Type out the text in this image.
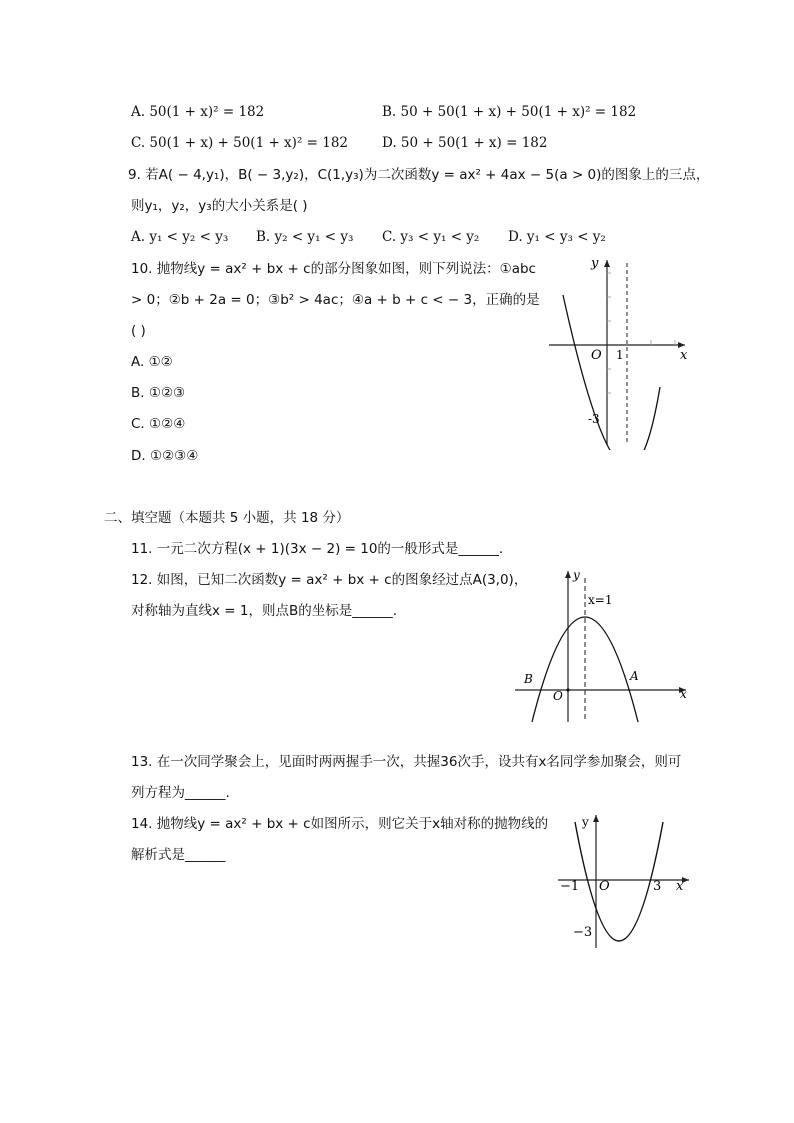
A. 50(1 + x)² = 182	B. 50 + 50(1 + x) + 50(1 + x)² = 182
C. 50(1 + x) + 50(1 + x)² = 182	D. 50 + 50(1 + x) = 182
9. 若A( − 4,y₁)，B( − 3,y₂)，C(1,y₃)为二次函数y = ax² + 4ax − 5(a > 0)的图象上的三点，
则y₁，y₂，y₃的大小关系是( )
A. y₁ < y₂ < y₃ B. y₂ < y₁ < y₃ C. y₃ < y₁ < y₂ D. y₁ < y₃ < y₂
10. 抛物线y = ax² + bx + c的部分图象如图，则下列说法：①abc
> 0；②b + 2a = 0；③b² > 4ac；④a + b + c < − 3，正确的是
( )
A. ①②
B. ①②③
C. ①②④
D. ①②③④
y
x
O 1
-3
二、填空题（本题共 5 小题，共 18 分）
11. 一元二次方程(x + 1)(3x − 2) = 10的一般形式是______.
12. 如图，已知二次函数y = ax² + bx + c的图象经过点A(3,0)，
对称轴为直线x = 1，则点B的坐标是______.
y
x
x=1
A
B
O
13. 在一次同学聚会上，见面时两两握手一次，共握36次手，设共有x名同学参加聚会，则可
列方程为______.
14. 抛物线y = ax² + bx + c如图所示，则它关于x轴对称的抛物线的
解析式是______
y
x
O
−1	3
−3
